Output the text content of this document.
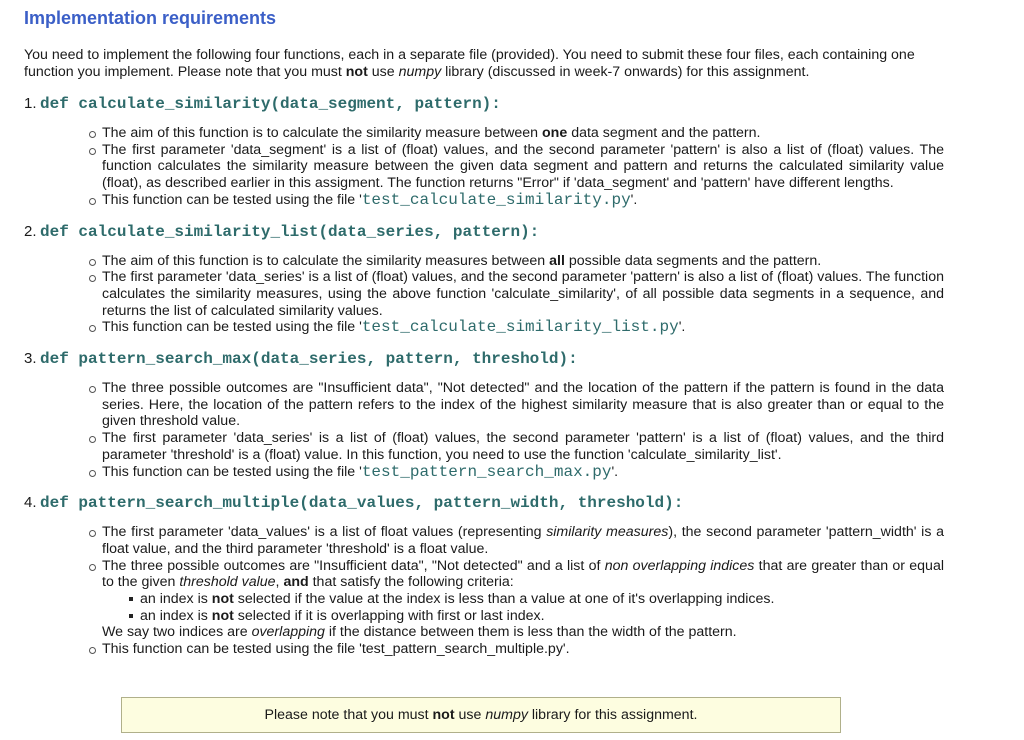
Implementation requirements
You need to implement the following four functions, each in a separate file (provided). You need to submit these four files, each containing one function you implement. Please note that you must not use numpy library (discussed in week-7 onwards) for this assignment.
1. def calculate_similarity(data_segment, pattern):
The aim of this function is to calculate the similarity measure between one data segment and the pattern.
The first parameter 'data_segment' is a list of (float) values, and the second parameter 'pattern' is also a list of (float) values. The function calculates the similarity measure between the given data segment and pattern and returns the calculated similarity value (float), as described earlier in this assigment. The function returns "Error" if 'data_segment' and 'pattern' have different lengths.
This function can be tested using the file 'test_calculate_similarity.py'.
2. def calculate_similarity_list(data_series, pattern):
The aim of this function is to calculate the similarity measures between all possible data segments and the pattern.
The first parameter 'data_series' is a list of (float) values, and the second parameter 'pattern' is also a list of (float) values. The function calculates the similarity measures, using the above function 'calculate_similarity', of all possible data segments in a sequence, and returns the list of calculated similarity values.
This function can be tested using the file 'test_calculate_similarity_list.py'.
3. def pattern_search_max(data_series, pattern, threshold):
The three possible outcomes are "Insufficient data", "Not detected" and the location of the pattern if the pattern is found in the data series. Here, the location of the pattern refers to the index of the highest similarity measure that is also greater than or equal to the given threshold value.
The first parameter 'data_series' is a list of (float) values, the second parameter 'pattern' is a list of (float) values, and the third parameter 'threshold' is a (float) value. In this function, you need to use the function 'calculate_similarity_list'.
This function can be tested using the file 'test_pattern_search_max.py'.
4. def pattern_search_multiple(data_values, pattern_width, threshold):
The first parameter 'data_values' is a list of float values (representing similarity measures), the second parameter 'pattern_width' is a float value, and the third parameter 'threshold' is a float value.
The three possible outcomes are "Insufficient data", "Not detected" and a list of non overlapping indices that are greater than or equal to the given threshold value, and that satisfy the following criteria:
an index is not selected if the value at the index is less than a value at one of it's overlapping indices.
an index is not selected if it is overlapping with first or last index.
We say two indices are overlapping if the distance between them is less than the width of the pattern.
This function can be tested using the file 'test_pattern_search_multiple.py'.
Please note that you must not use numpy library for this assignment.
